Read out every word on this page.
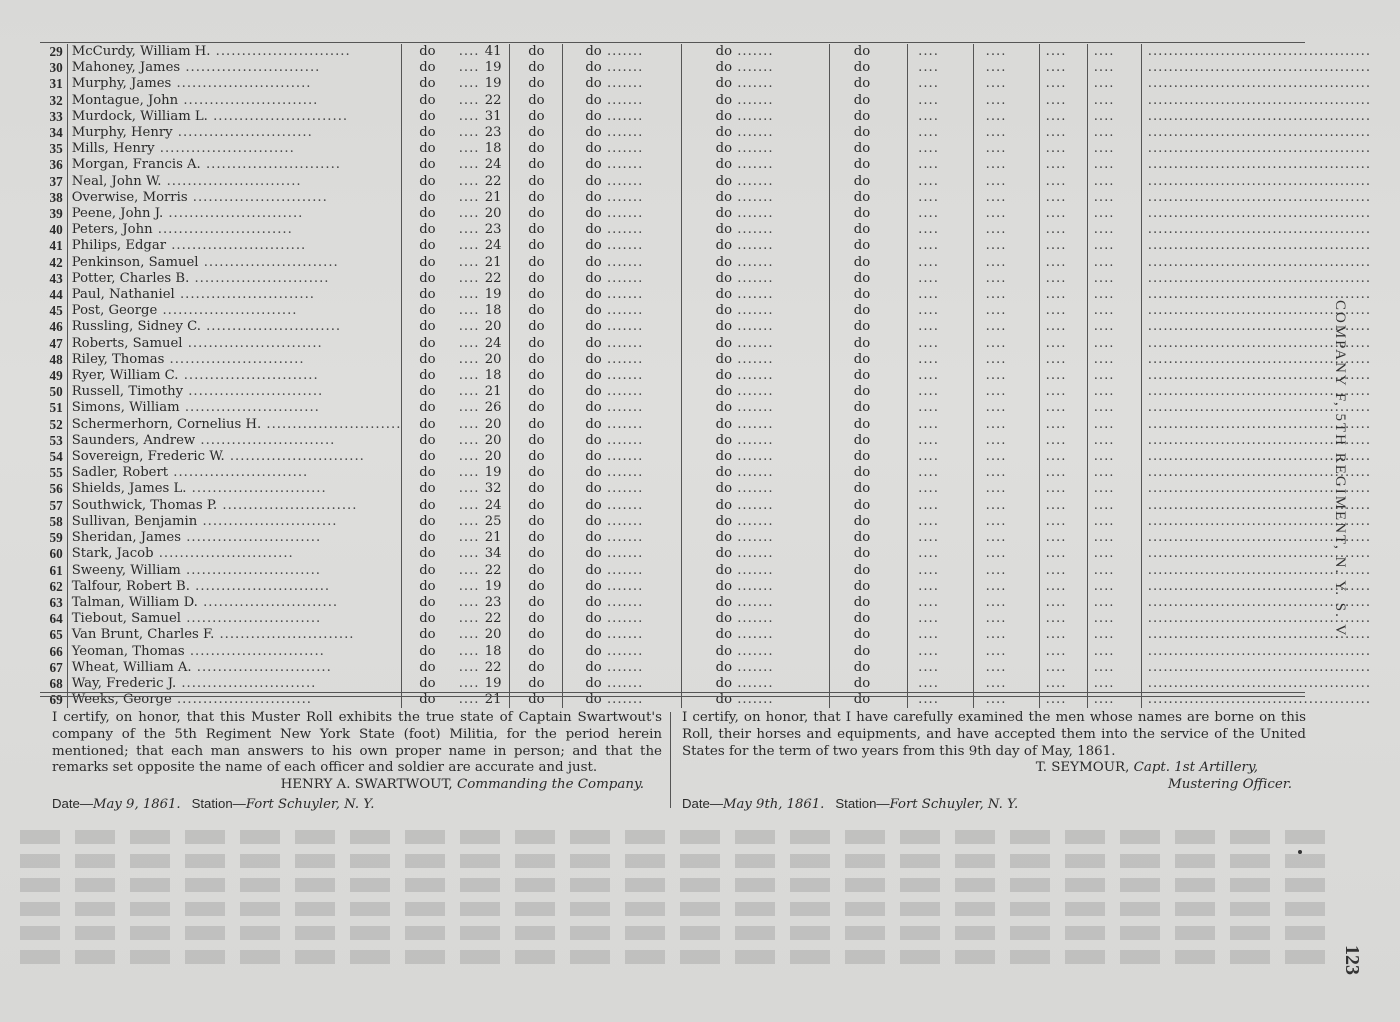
29	McCurdy, William H. ..........................	do	.... 41	do	do .......	do .......	do	....	....	....	....	...........................................
30	Mahoney, James ..........................	do	.... 19	do	do .......	do .......	do	....	....	....	....	...........................................
31	Murphy, James ..........................	do	.... 19	do	do .......	do .......	do	....	....	....	....	...........................................
32	Montague, John ..........................	do	.... 22	do	do .......	do .......	do	....	....	....	....	...........................................
33	Murdock, William L. ..........................	do	.... 31	do	do .......	do .......	do	....	....	....	....	...........................................
34	Murphy, Henry ..........................	do	.... 23	do	do .......	do .......	do	....	....	....	....	...........................................
35	Mills, Henry ..........................	do	.... 18	do	do .......	do .......	do	....	....	....	....	...........................................
36	Morgan, Francis A. ..........................	do	.... 24	do	do .......	do .......	do	....	....	....	....	...........................................
37	Neal, John W. ..........................	do	.... 22	do	do .......	do .......	do	....	....	....	....	...........................................
38	Overwise, Morris ..........................	do	.... 21	do	do .......	do .......	do	....	....	....	....	...........................................
39	Peene, John J. ..........................	do	.... 20	do	do .......	do .......	do	....	....	....	....	...........................................
40	Peters, John ..........................	do	.... 23	do	do .......	do .......	do	....	....	....	....	...........................................
41	Philips, Edgar ..........................	do	.... 24	do	do .......	do .......	do	....	....	....	....	...........................................
42	Penkinson, Samuel ..........................	do	.... 21	do	do .......	do .......	do	....	....	....	....	...........................................
43	Potter, Charles B. ..........................	do	.... 22	do	do .......	do .......	do	....	....	....	....	...........................................
44	Paul, Nathaniel ..........................	do	.... 19	do	do .......	do .......	do	....	....	....	....	...........................................
45	Post, George ..........................	do	.... 18	do	do .......	do .......	do	....	....	....	....	...........................................
46	Russling, Sidney C. ..........................	do	.... 20	do	do .......	do .......	do	....	....	....	....	...........................................
47	Roberts, Samuel ..........................	do	.... 24	do	do .......	do .......	do	....	....	....	....	...........................................
48	Riley, Thomas ..........................	do	.... 20	do	do .......	do .......	do	....	....	....	....	...........................................
49	Ryer, William C. ..........................	do	.... 18	do	do .......	do .......	do	....	....	....	....	...........................................
50	Russell, Timothy ..........................	do	.... 21	do	do .......	do .......	do	....	....	....	....	...........................................
51	Simons, William ..........................	do	.... 26	do	do .......	do .......	do	....	....	....	....	...........................................
52	Schermerhorn, Cornelius H. ..........................	do	.... 20	do	do .......	do .......	do	....	....	....	....	...........................................
53	Saunders, Andrew ..........................	do	.... 20	do	do .......	do .......	do	....	....	....	....	...........................................
54	Sovereign, Frederic W. ..........................	do	.... 20	do	do .......	do .......	do	....	....	....	....	...........................................
55	Sadler, Robert ..........................	do	.... 19	do	do .......	do .......	do	....	....	....	....	...........................................
56	Shields, James L. ..........................	do	.... 32	do	do .......	do .......	do	....	....	....	....	...........................................
57	Southwick, Thomas P. ..........................	do	.... 24	do	do .......	do .......	do	....	....	....	....	...........................................
58	Sullivan, Benjamin ..........................	do	.... 25	do	do .......	do .......	do	....	....	....	....	...........................................
59	Sheridan, James ..........................	do	.... 21	do	do .......	do .......	do	....	....	....	....	...........................................
60	Stark, Jacob ..........................	do	.... 34	do	do .......	do .......	do	....	....	....	....	...........................................
61	Sweeny, William ..........................	do	.... 22	do	do .......	do .......	do	....	....	....	....	...........................................
62	Talfour, Robert B. ..........................	do	.... 19	do	do .......	do .......	do	....	....	....	....	...........................................
63	Talman, William D. ..........................	do	.... 23	do	do .......	do .......	do	....	....	....	....	...........................................
64	Tiebout, Samuel ..........................	do	.... 22	do	do .......	do .......	do	....	....	....	....	...........................................
65	Van Brunt, Charles F. ..........................	do	.... 20	do	do .......	do .......	do	....	....	....	....	...........................................
66	Yeoman, Thomas ..........................	do	.... 18	do	do .......	do .......	do	....	....	....	....	...........................................
67	Wheat, William A. ..........................	do	.... 22	do	do .......	do .......	do	....	....	....	....	...........................................
68	Way, Frederic J. ..........................	do	.... 19	do	do .......	do .......	do	....	....	....	....	...........................................
69	Weeks, George ..........................	do	.... 21	do	do .......	do .......	do	....	....	....	....	...........................................
I certify, on honor, that this Muster Roll exhibits the true state of Captain Swartwout's company of the 5th Regiment New York State (foot) Militia, for the period herein mentioned; that each man answers to his own proper name in person; and that the remarks set opposite the name of each officer and soldier are accurate and just.
HENRY A. SWARTWOUT, Commanding the Company.
Date—May 9, 1861. Station—Fort Schuyler, N. Y.
I certify, on honor, that I have carefully examined the men whose names are borne on this Roll, their horses and equipments, and have accepted them into the service of the United States for the term of two years from this 9th day of May, 1861.
T. SEYMOUR, Capt. 1st Artillery,
Mustering Officer.
Date—May 9th, 1861. Station—Fort Schuyler, N. Y.
COMPANY F, 5TH REGIMENT, N. Y. S. V.
123
